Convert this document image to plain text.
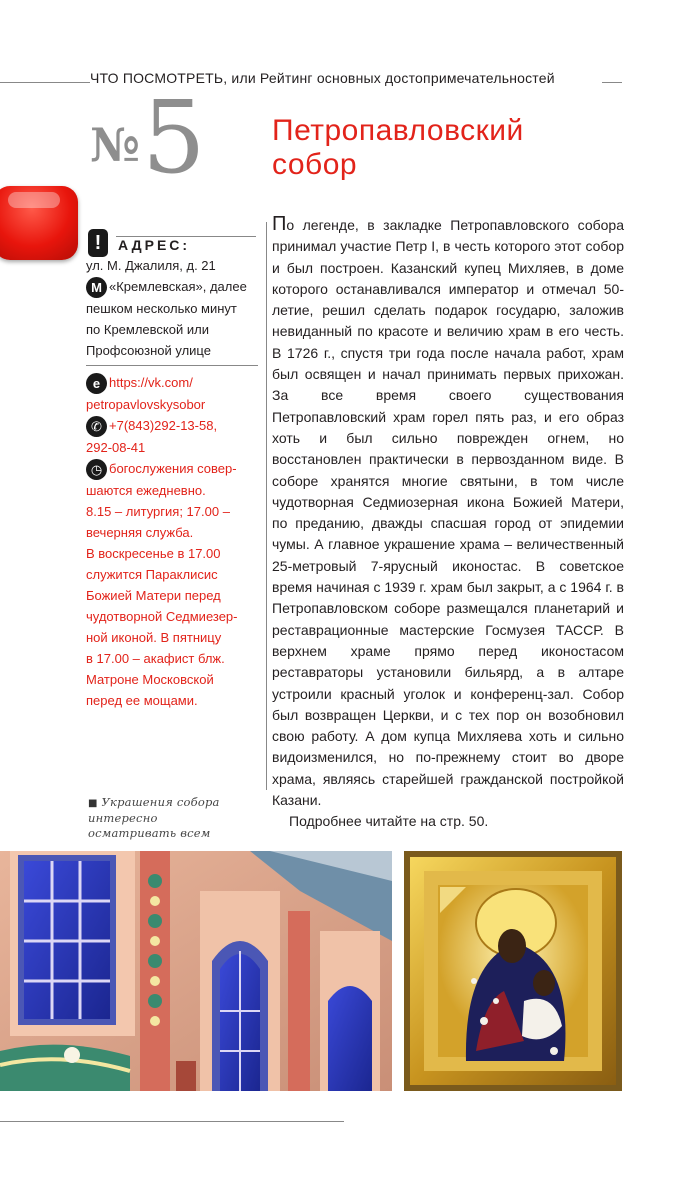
ЧТО ПОСМОТРЕТЬ, или Рейтинг основных достопримечательностей
№ 5 Петропавловский
собор
!	АДРЕС:
ул. М. Джалиля, д. 21
М «Кремлевская», далее
пешком несколько минут
по Кремлевской или
Профсоюзной улице
e https://vk.com/
petropavlovskysobor
✆ +7(843)292-13-58,
292-08-41
◷ богослужения совер-
шаются ежедневно.
8.15 – литургия; 17.00 –
вечерняя служба.
В воскресенье в 17.00
служится Параклисис
Божией Матери перед
чудотворной Седмиезер-
ной иконой. В пятницу
в 17.00 – акафист блж.
Матроне Московской
перед ее мощами.

По легенде, в закладке Петропавловского собора принимал участие Петр I, в честь которого этот собор и был построен. Казанский купец Михляев, в доме которого останавливался император и отмечал 50-летие, решил сделать подарок государю, заложив невиданный по красоте и величию храм в его честь. В 1726 г., спустя три года после начала работ, храм был освящен и начал принимать первых прихожан. За все время своего существования Петропавловский храм горел пять раз, и его образ хоть и был сильно поврежден огнем, но восстановлен практически в первозданном виде. В соборе хранятся многие святыни, в том числе чудотворная Седмиозерная икона Божией Матери, по преданию, дважды спасшая город от эпидемии чумы. А главное украшение храма – величественный 25-метровый 7-ярусный иконостас. В советское время начиная с 1939 г. храм был закрыт, а с 1964 г. в Петропавловском соборе размещался планетарий и реставрационные мастерские Госмузея ТАССР. В верхнем храме прямо перед иконостасом реставраторы установили бильярд, а в алтаре устроили красный уголок и конференц-зал. Собор был возвращен Церкви, и с тех пор он возобновил свою работу. А дом купца Михляева хоть и сильно видоизменился, но по-прежнему стоит во дворе храма, являясь старейшей гражданской постройкой Казани.

Подробнее читайте на стр. 50.

■ Украшения собора
интересно
осматривать всем
